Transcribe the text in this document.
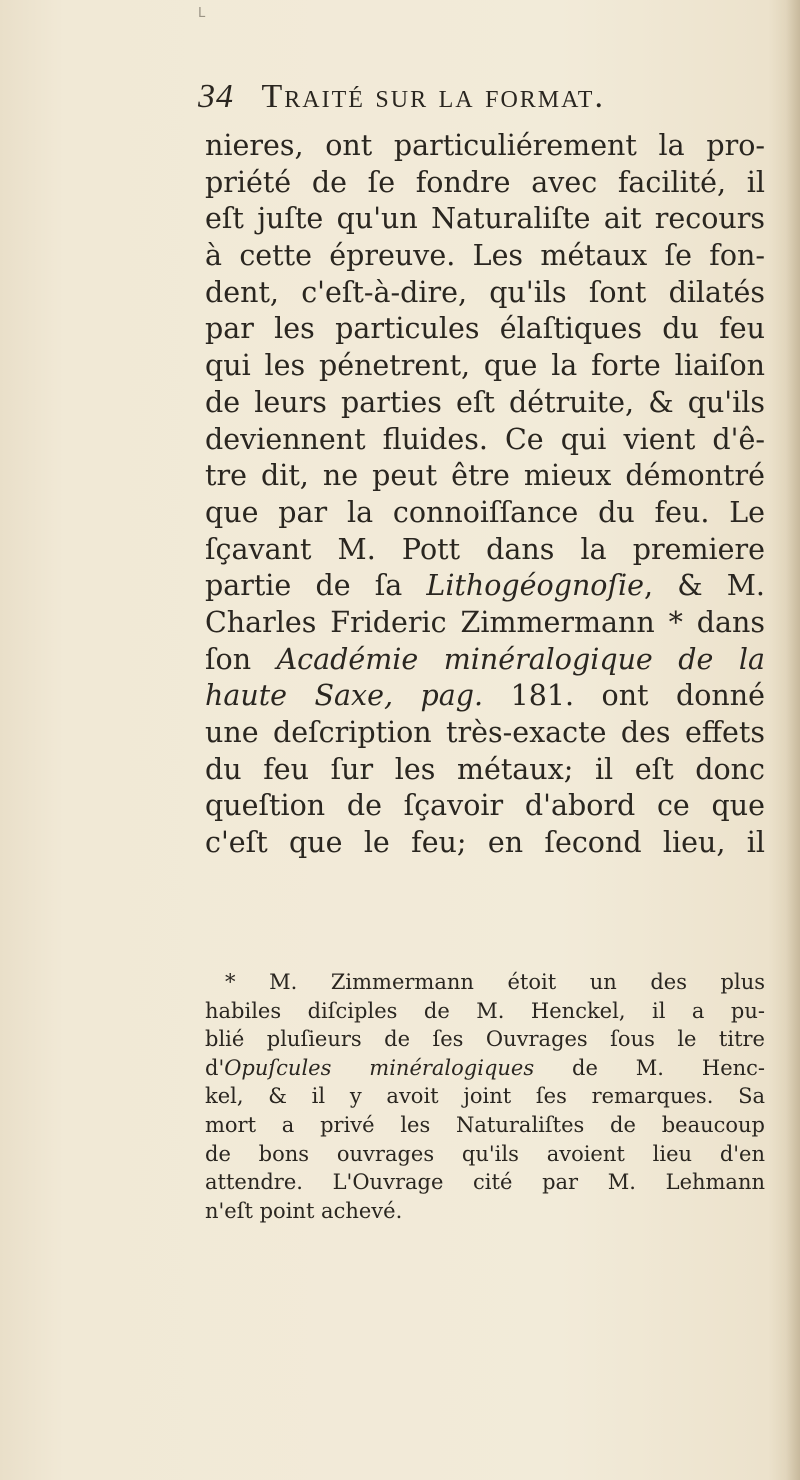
L
34 Traité sur la format.
nieres, ont particuliérement la pro-
priété de ſe fondre avec facilité, il
eſt juſte qu'un Naturaliſte ait recours
à cette épreuve. Les métaux ſe fon-
dent, c'eſt-à-dire, qu'ils ſont dilatés
par les particules élaſtiques du feu
qui les pénetrent, que la forte liaiſon
de leurs parties eſt détruite, & qu'ils
deviennent fluides. Ce qui vient d'ê-
tre dit, ne peut être mieux démontré
que par la connoiſſance du feu. Le
ſçavant M. Pott dans la premiere
partie de ſa Lithogéognoſie, & M.
Charles Frideric Zimmermann * dans
ſon Académie minéralogique de la
haute Saxe, pag. 181. ont donné
une deſcription très-exacte des effets
du feu ſur les métaux; il eſt donc
queſtion de ſçavoir d'abord ce que
c'eſt que le feu; en ſecond lieu, il
* M. Zimmermann étoit un des plus
habiles diſciples de M. Henckel, il a pu-
blié pluſieurs de ſes Ouvrages ſous le titre
d'Opuſcules minéralogiques de M. Henc-
kel, & il y avoit joint ſes remarques. Sa
mort a privé les Naturaliſtes de beaucoup
de bons ouvrages qu'ils avoient lieu d'en
attendre. L'Ouvrage cité par M. Lehmann
n'eſt point achevé.
